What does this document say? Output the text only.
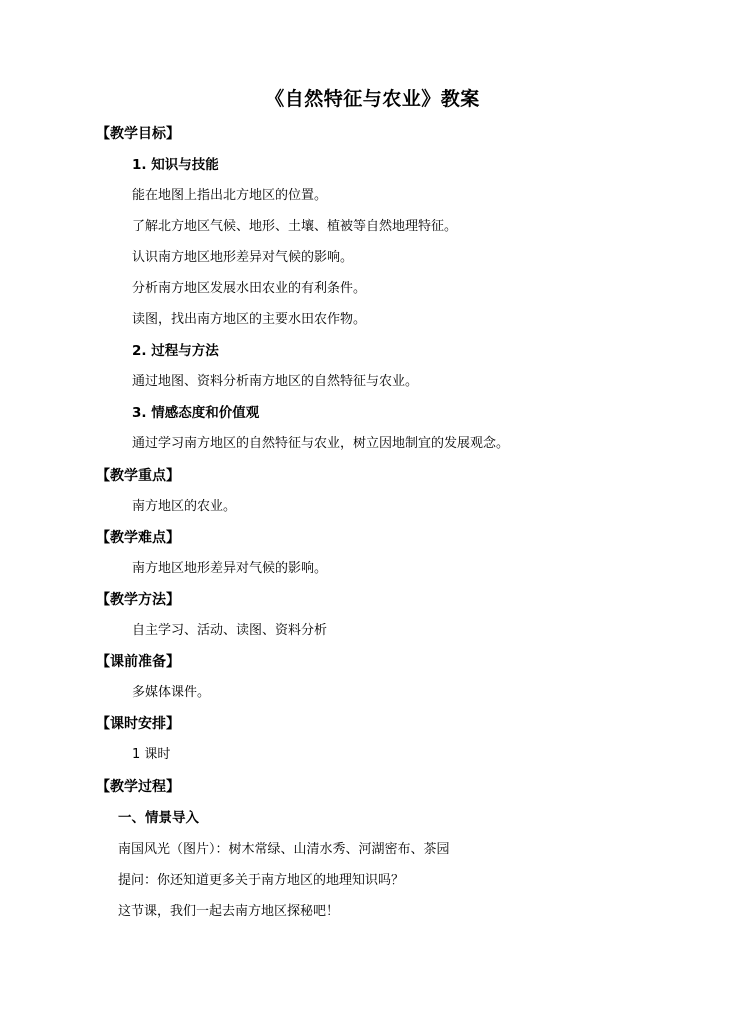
《自然特征与农业》教案
【教学目标】
1. 知识与技能
能在地图上指出北方地区的位置。
了解北方地区气候、地形、土壤、植被等自然地理特征。
认识南方地区地形差异对气候的影响。
分析南方地区发展水田农业的有利条件。
读图，找出南方地区的主要水田农作物。
2. 过程与方法
通过地图、资料分析南方地区的自然特征与农业。
3. 情感态度和价值观
通过学习南方地区的自然特征与农业，树立因地制宜的发展观念。
【教学重点】
南方地区的农业。
【教学难点】
南方地区地形差异对气候的影响。
【教学方法】
自主学习、活动、读图、资料分析
【课前准备】
多媒体课件。
【课时安排】
1 课时
【教学过程】
一、情景导入
南国风光（图片）：树木常绿、山清水秀、河湖密布、茶园
提问：你还知道更多关于南方地区的地理知识吗？
这节课，我们一起去南方地区探秘吧！
